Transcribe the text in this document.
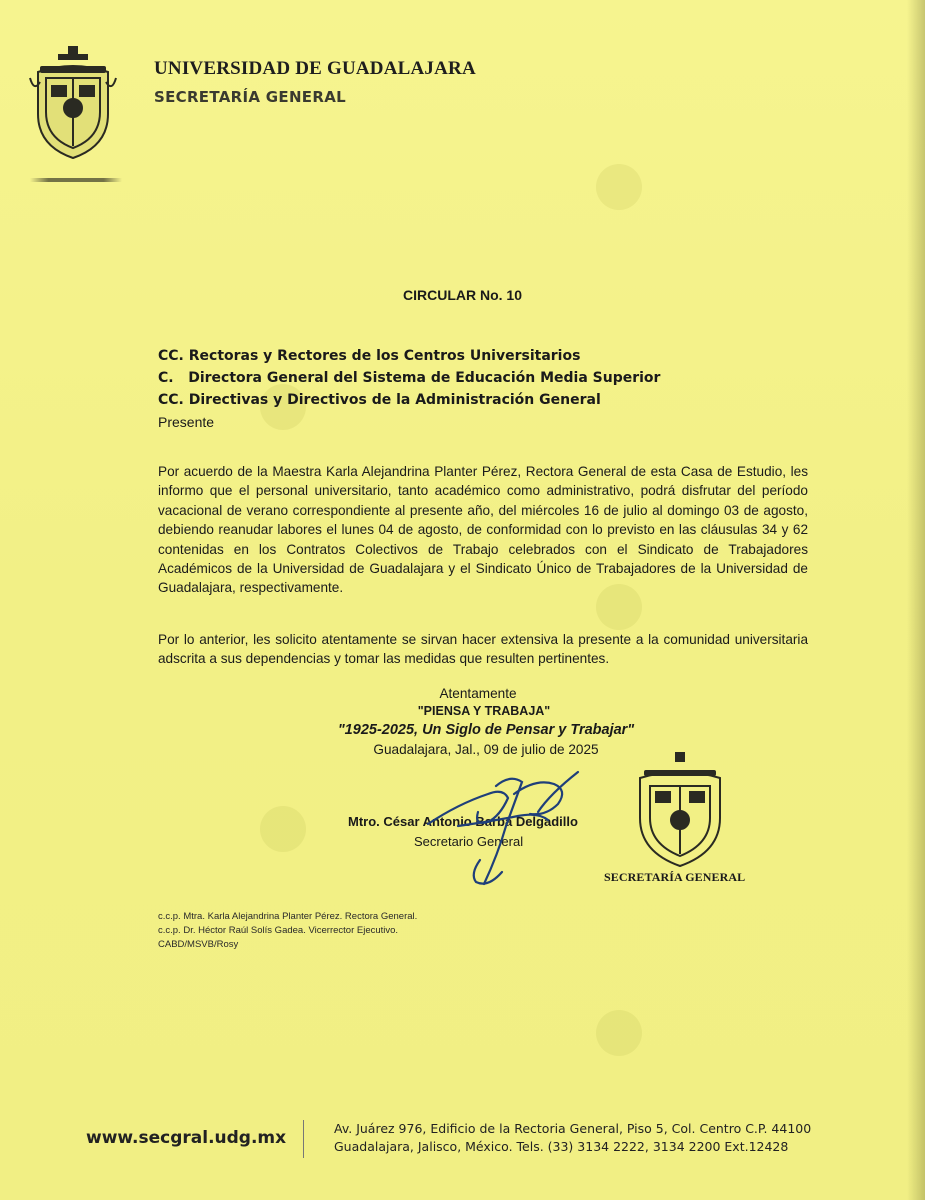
UNIVERSIDAD DE GUADALAJARA
SECRETARÍA GENERAL
CIRCULAR No. 10
CC. Rectoras y Rectores de los Centros Universitarios
C.   Directora General del Sistema de Educación Media Superior
CC. Directivas y Directivos de la Administración General
Presente
Por acuerdo de la Maestra Karla Alejandrina Planter Pérez, Rectora General de esta Casa de Estudio, les informo que el personal universitario, tanto académico como administrativo, podrá disfrutar del período vacacional de verano correspondiente al presente año, del miércoles 16 de julio al domingo 03 de agosto, debiendo reanudar labores el lunes 04 de agosto, de conformidad con lo previsto en las cláusulas 34 y 62 contenidas en los Contratos Colectivos de Trabajo celebrados con el Sindicato de Trabajadores Académicos de la Universidad de Guadalajara y el Sindicato Único de Trabajadores de la Universidad de Guadalajara, respectivamente.
Por lo anterior, les solicito atentamente se sirvan hacer extensiva la presente a la comunidad universitaria adscrita a sus dependencias y tomar las medidas que resulten pertinentes.
Atentamente
"PIENSA Y TRABAJA"
"1925-2025, Un Siglo de Pensar y Trabajar"
Guadalajara, Jal., 09 de julio de 2025
Mtro. César Antonio Barba Delgadillo
Secretario General
SECRETARÍA GENERAL
c.c.p. Mtra. Karla Alejandrina Planter Pérez. Rectora General.
c.c.p. Dr. Héctor Raúl Solís Gadea. Vicerrector Ejecutivo.
CABD/MSVB/Rosy
www.secgral.udg.mx	Av. Juárez 976, Edificio de la Rectoria General, Piso 5, Col. Centro C.P. 44100
Guadalajara, Jalisco, México. Tels. (33) 3134 2222, 3134 2200 Ext.12428
